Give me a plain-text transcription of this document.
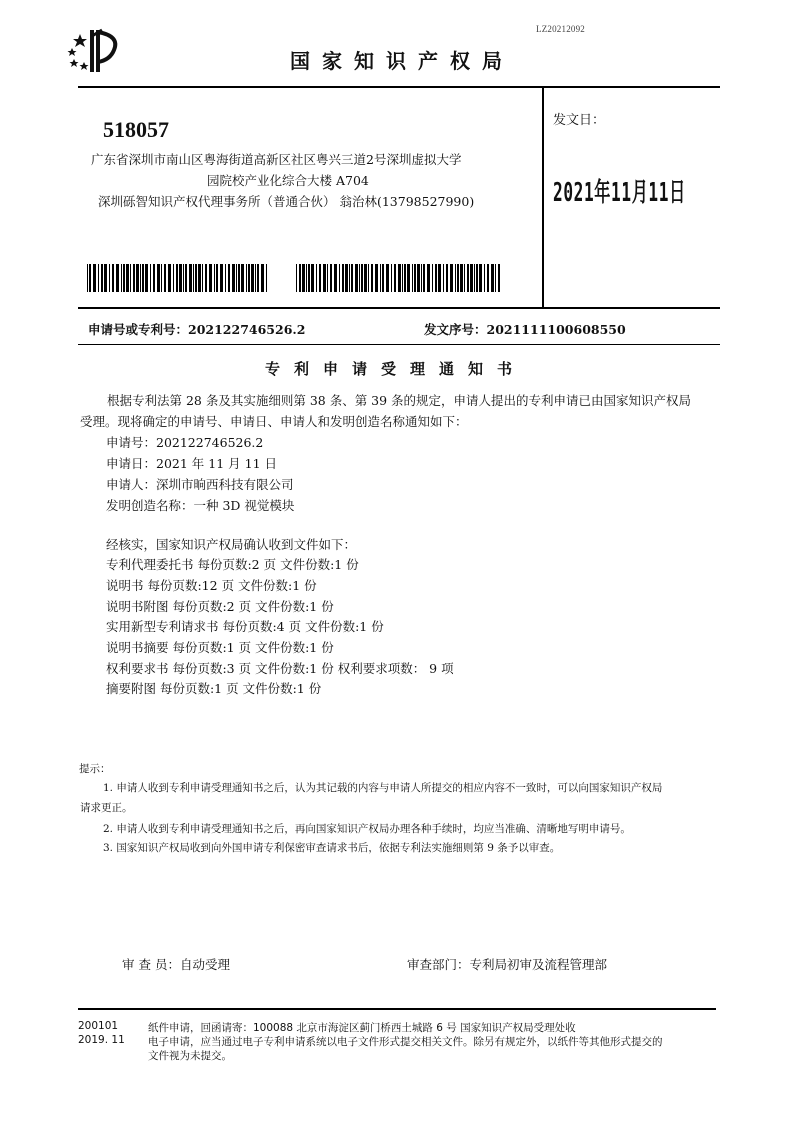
LZ20212092
国家知识产权局
518057
广东省深圳市南山区粤海街道高新区社区粤兴三道2号深圳虚拟大学
园院校产业化综合大楼 A704
深圳砾智知识产权代理事务所（普通合伙） 翁治林(13798527990)
发文日：
2021年11月11日
申请号或专利号：202122746526.2	发文序号：2021111100608550
专利申请受理通知书
根据专利法第 28 条及其实施细则第 38 条、第 39 条的规定，申请人提出的专利申请已由国家知识产权局
受理。现将确定的申请号、申请日、申请人和发明创造名称通知如下：
申请号：202122746526.2
申请日：2021 年 11 月 11 日
申请人：深圳市晌西科技有限公司
发明创造名称：一种 3D 视觉模块
经核实，国家知识产权局确认收到文件如下：
专利代理委托书 每份页数:2 页 文件份数:1 份
说明书 每份页数:12 页 文件份数:1 份
说明书附图 每份页数:2 页 文件份数:1 份
实用新型专利请求书 每份页数:4 页 文件份数:1 份
说明书摘要 每份页数:1 页 文件份数:1 份
权利要求书 每份页数:3 页 文件份数:1 份 权利要求项数： 9 项
摘要附图 每份页数:1 页 文件份数:1 份
提示：
1. 申请人收到专利申请受理通知书之后，认为其记载的内容与申请人所提交的相应内容不一致时，可以向国家知识产权局
请求更正。
2. 申请人收到专利申请受理通知书之后，再向国家知识产权局办理各种手续时，均应当准确、清晰地写明申请号。
3. 国家知识产权局收到向外国申请专利保密审查请求书后，依据专利法实施细则第 9 条予以审查。
审 查 员：自动受理	审查部门：专利局初审及流程管理部
200101
2019. 11
纸件申请，回函请寄：100088 北京市海淀区蓟门桥西土城路 6 号 国家知识产权局受理处收
电子申请，应当通过电子专利申请系统以电子文件形式提交相关文件。除另有规定外，以纸件等其他形式提交的
文件视为未提交。
